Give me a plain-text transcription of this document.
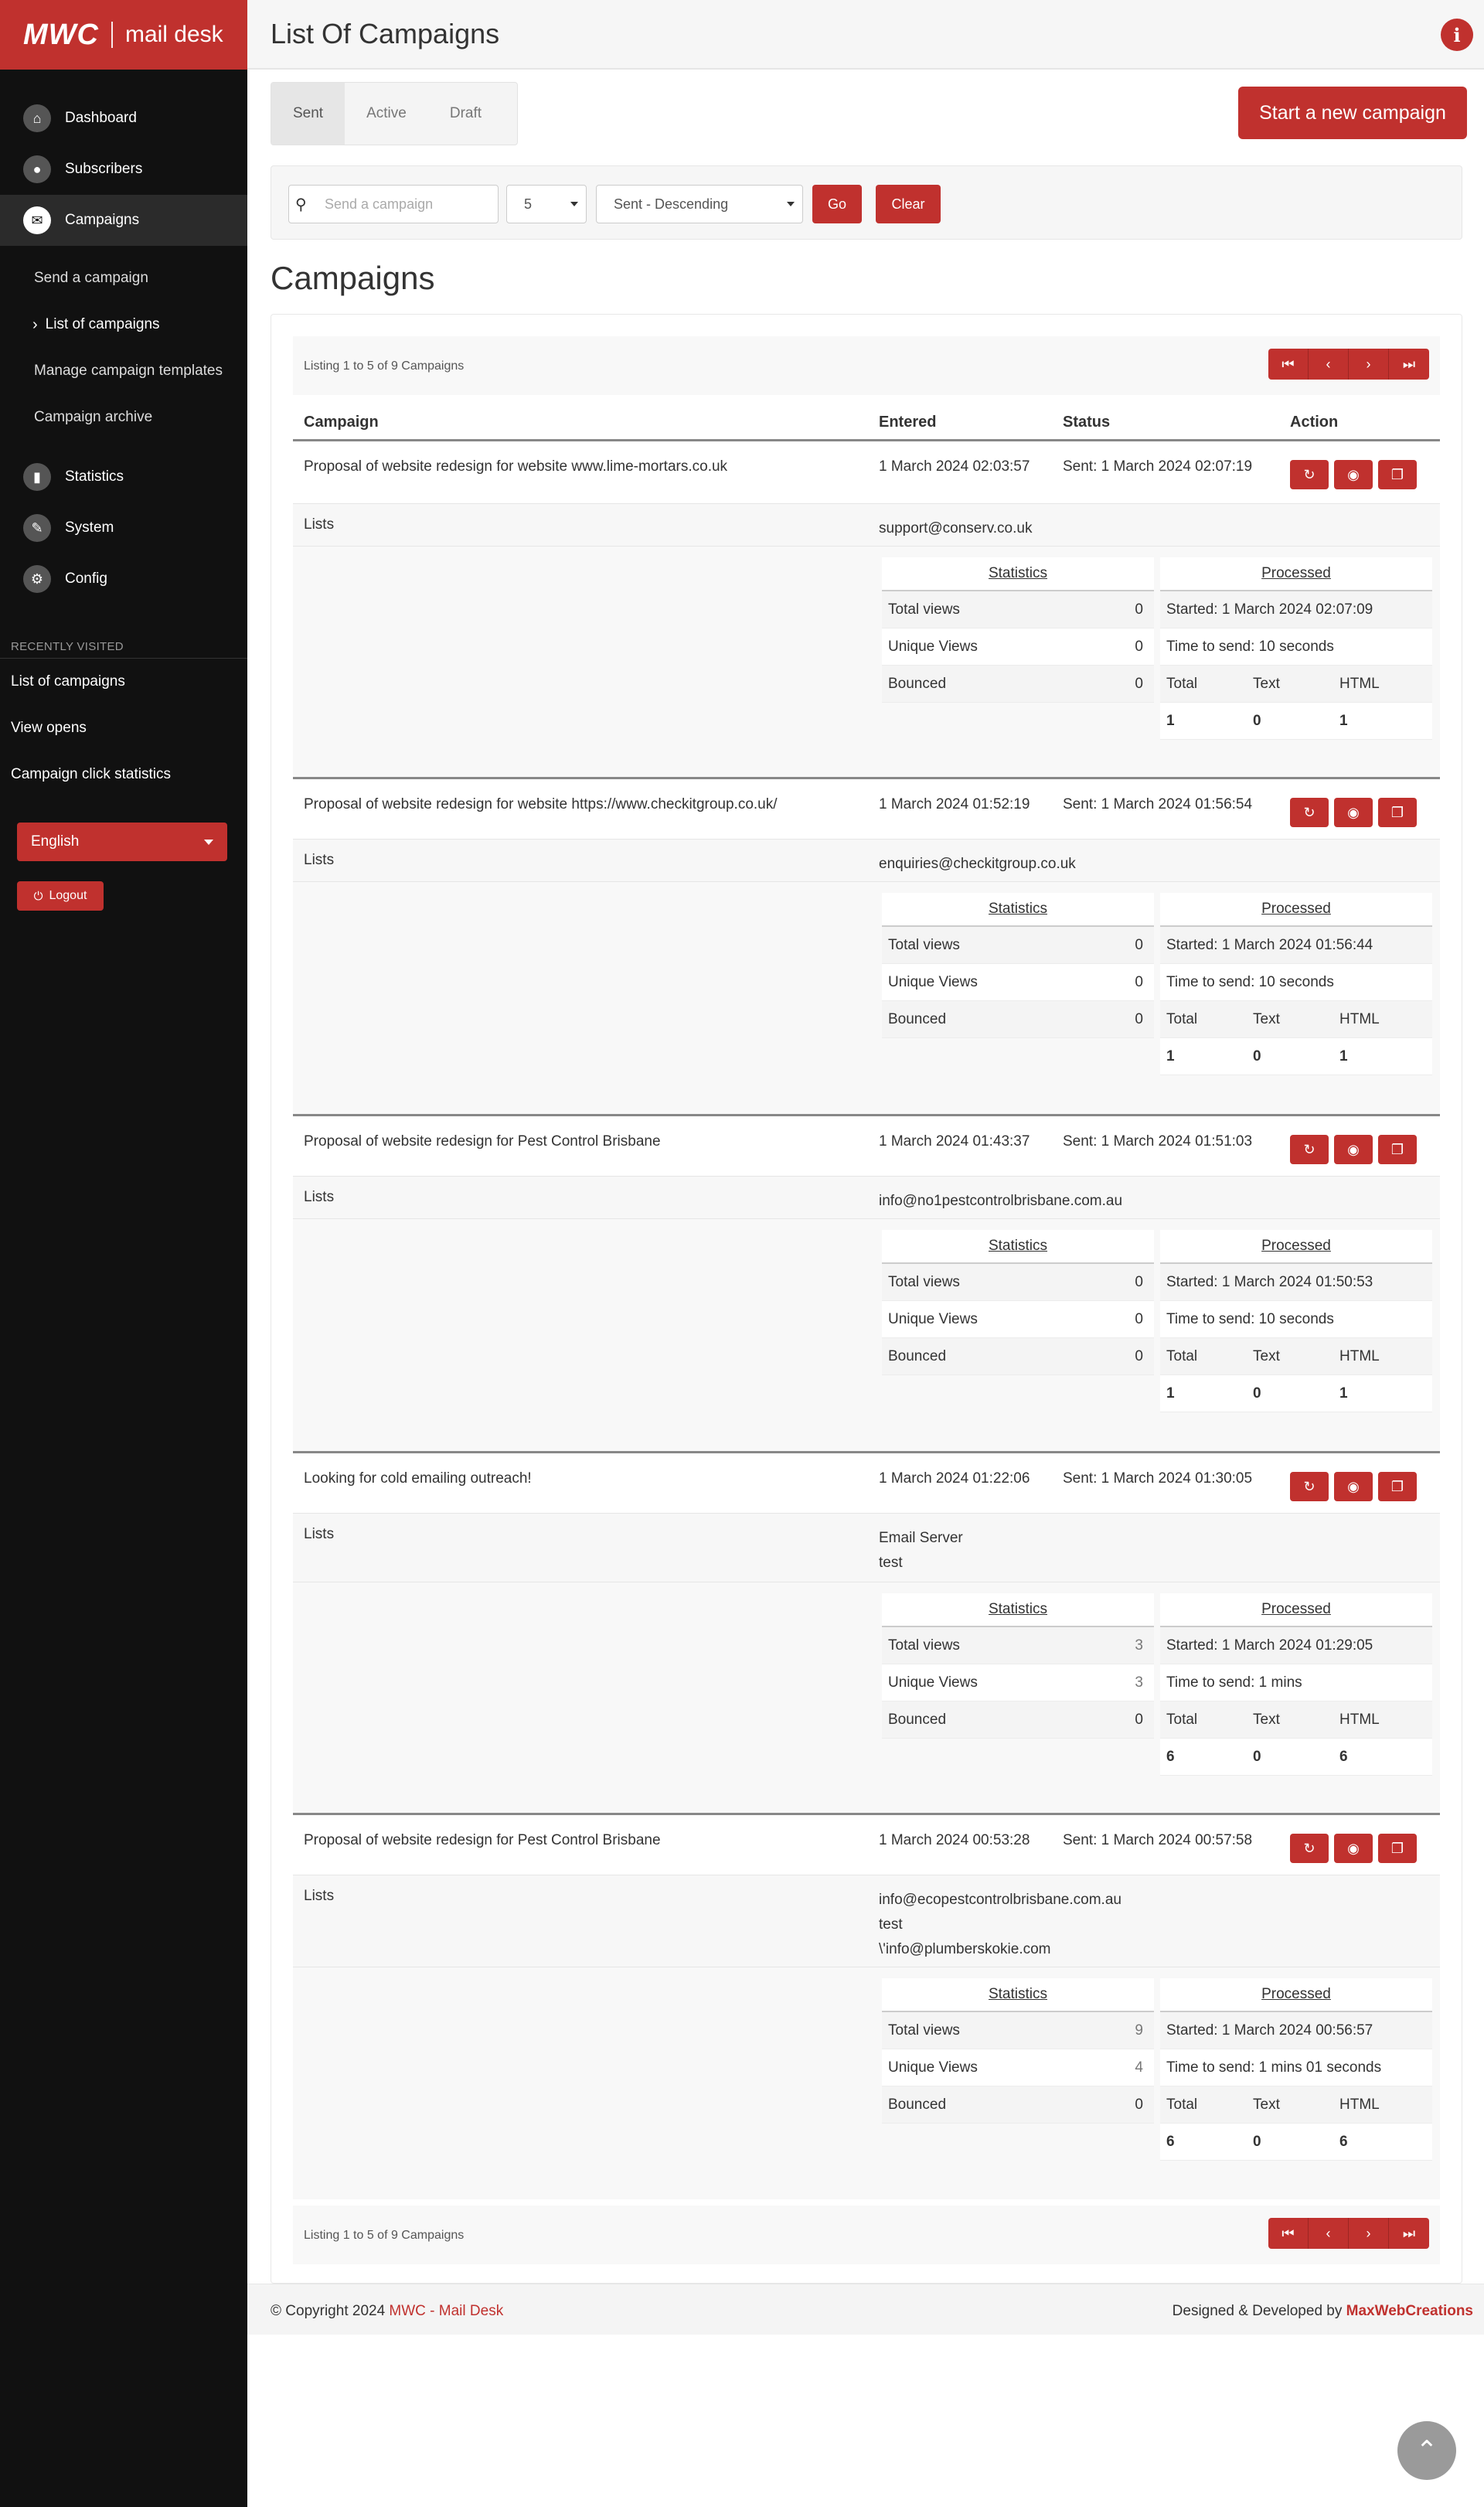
MWC mail desk
⌂	Dashboard
●	Subscribers
✉	Campaigns
Send a campaign
› List of campaigns
Manage campaign templates
Campaign archive
▮	Statistics
✎	System
⚙	Config
RECENTLY VISITED
List of campaigns
View opens
Campaign click statistics
English
⏻ Logout
List Of Campaigns	i
Sent	Active	Draft	Start a new campaign
⚲ Send a campaign	5	Sent - Descending	Go	Clear
Campaigns
Listing 1 to 5 of 9 Campaigns	⏮	‹	›	⏭
Campaign	Entered	Status	Action
Proposal of website redesign for website www.lime-mortars.co.uk	1 March 2024 02:03:57 Sent: 1 March 2024 02:07:19	↻ ◉ ❐
Lists	support@conserv.co.uk
Statistics
Total views	0
Unique Views	0
Bounced	0
Processed
Started: 1 March 2024 02:07:09
Time to send: 10 seconds
Total	Text	HTML
1	0	1
Proposal of website redesign for website https://www.checkitgroup.co.uk/	1 March 2024 01:52:19 Sent: 1 March 2024 01:56:54	↻ ◉ ❐
Lists	enquiries@checkitgroup.co.uk
Statistics
Total views	0
Unique Views	0
Bounced	0
Processed
Started: 1 March 2024 01:56:44
Time to send: 10 seconds
Total	Text	HTML
1	0	1
Proposal of website redesign for Pest Control Brisbane	1 March 2024 01:43:37 Sent: 1 March 2024 01:51:03	↻ ◉ ❐
Lists	info@no1pestcontrolbrisbane.com.au
Statistics
Total views	0
Unique Views	0
Bounced	0
Processed
Started: 1 March 2024 01:50:53
Time to send: 10 seconds
Total	Text	HTML
1	0	1
Looking for cold emailing outreach!	1 March 2024 01:22:06 Sent: 1 March 2024 01:30:05	↻ ◉ ❐
Lists	Email Server
test
Statistics
Total views	3
Unique Views	3
Bounced	0
Processed
Started: 1 March 2024 01:29:05
Time to send: 1 mins
Total	Text	HTML
6	0	6
Proposal of website redesign for Pest Control Brisbane	1 March 2024 00:53:28 Sent: 1 March 2024 00:57:58	↻ ◉ ❐
Lists	info@ecopestcontrolbrisbane.com.au
test
\'info@plumberskokie.com
Statistics
Total views	9
Unique Views	4
Bounced	0
Processed
Started: 1 March 2024 00:56:57
Time to send: 1 mins 01 seconds
Total	Text	HTML
6	0	6
Listing 1 to 5 of 9 Campaigns	⏮	‹	›	⏭
© Copyright 2024 MWC - Mail Desk	Designed & Developed by MaxWebCreations
⌃
